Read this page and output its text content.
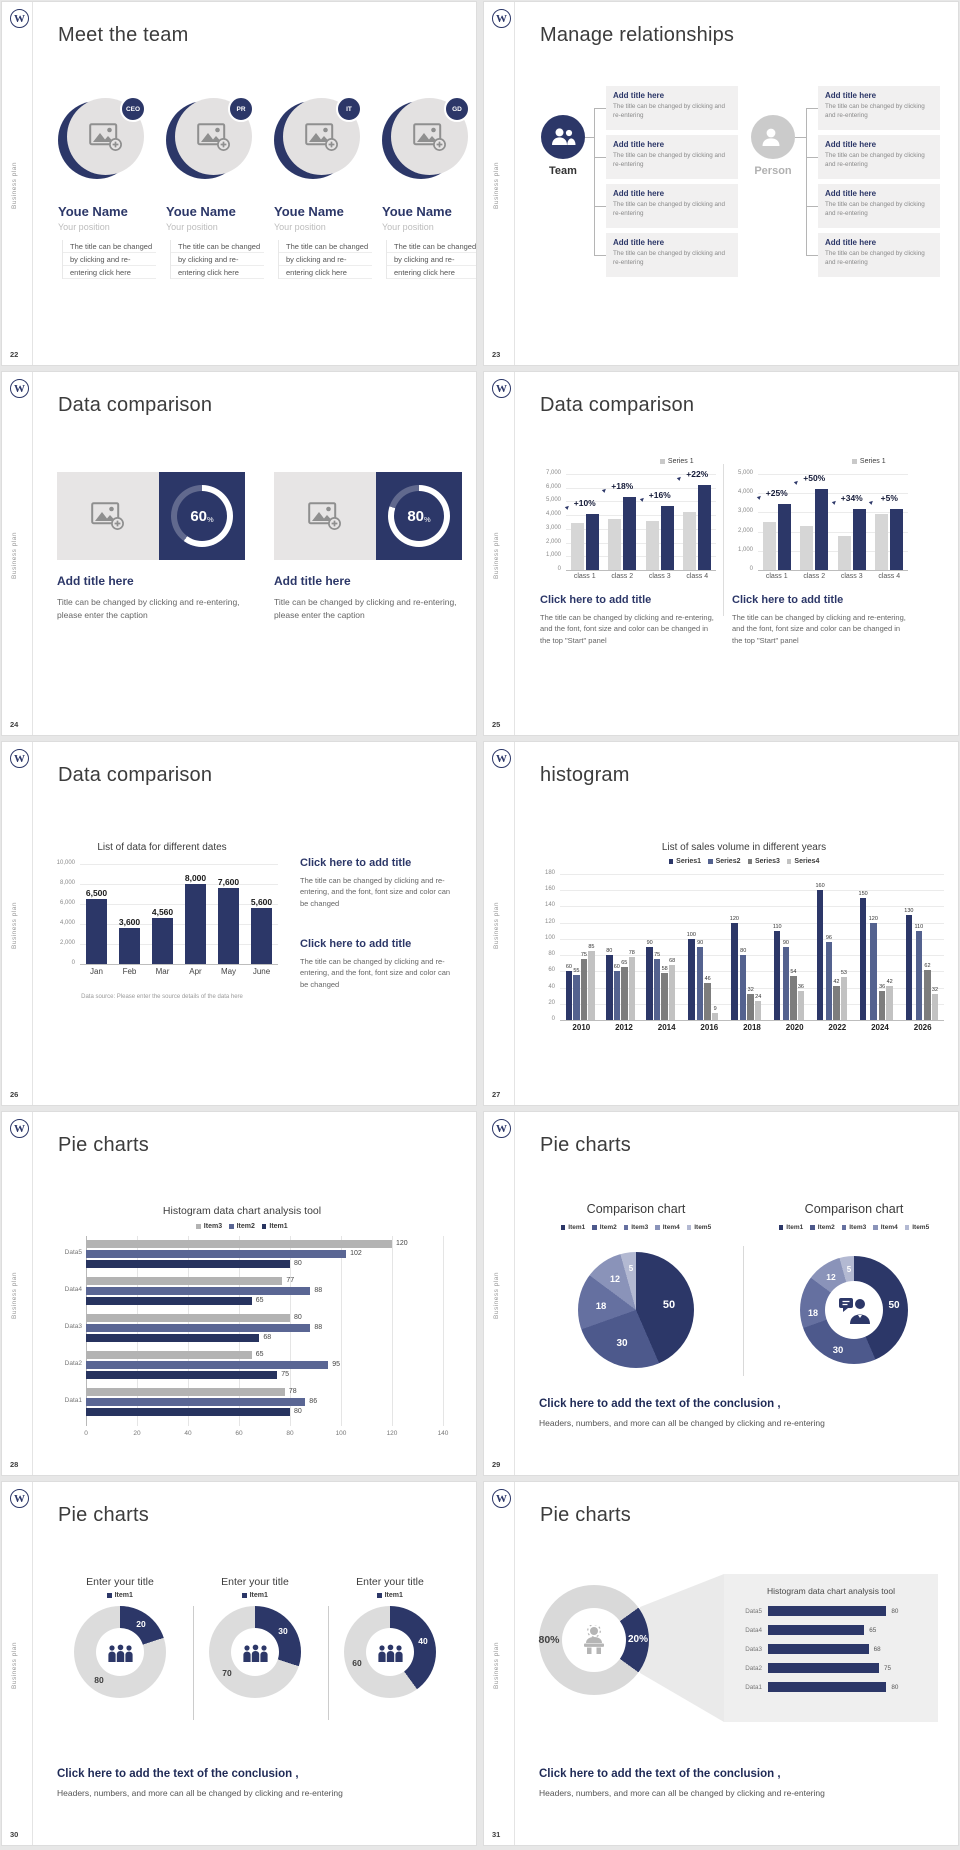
W
Business plan
22
Meet the team
CEO
Youe Name
Your position
The title can be changed by clicking and re-entering click here
PR
Youe Name
Your position
The title can be changed by clicking and re-entering click here
IT
Youe Name
Your position
The title can be changed by clicking and re-entering click here
GD
Youe Name
Your position
The title can be changed by clicking and re-entering click here
W
Business plan
23
Manage relationships
Team
Add title here
The title can be changed by clicking and re-entering
Add title here
The title can be changed by clicking and re-entering
Add title here
The title can be changed by clicking and re-entering
Add title here
The title can be changed by clicking and re-entering
Person
Add title here
The title can be changed by clicking and re-entering
Add title here
The title can be changed by clicking and re-entering
Add title here
The title can be changed by clicking and re-entering
Add title here
The title can be changed by clicking and re-entering
W
Business plan
24
Data comparison
60 %
Add title here
Title can be changed by clicking and re-entering, please enter the caption
80 %
Add title here
Title can be changed by clicking and re-entering, please enter the caption
W
Business plan
25
Data comparison
Series 1
7,000
6,000
5,000
4,000
3,000
2,000
1,000
0
class 1	class 2	class 3	class 4
+10%
▲
+18%
▲	+16%
▲
+22%
▲
Click here to add title
The title can be changed by clicking and re-entering, and the font, font size and color can be changed in the top "Start" panel
Series 1
5,000
4,000
3,000
2,000
1,000
0
class 1	class 2	class 3	class 4
+25%
▲
+50%
▲
+34%
▲	+5%
▲
Click here to add title
The title can be changed by clicking and re-entering, and the font, font size and color can be changed in the top "Start" panel
W
Business plan
26
Data comparison
List of data for different dates
Data source: Please enter the source details of the data here
10,000
8,000
6,000
4,000
2,000
0
6,500
3,600
4,560
8,000 7,600
5,600
Jan	Feb	Mar	Apr	May	June
Click here to add title
The title can be changed by clicking and re-entering, and the font, font size and color can be changed
Click here to add title
The title can be changed by clicking and re-entering, and the font, font size and color can be changed
W
Business plan
27
histogram
List of sales volume in different years
Series1 Series2 Series3 Series4
180
160
140
120
100
80
60
40
20
0
60
55
75
85
80
60
65
78
90
75
58
68
100
90
46
9
120
80
32
24
110
90
54
36
160
96
42
53
150
120
36
42
130
110
62
32
2010	2012	2014	2016	2018	2020	2022	2024	2026
W
Business plan
28
Pie charts
Histogram data chart analysis tool
Item3 Item2 Item1
0	20	40	60	80	100	120	140
Data5
120
102
80
Data4
77
88
65
Data3
80
88
68
Data2
65
95
75
Data1
78
86
80
W
Business plan
29
Pie charts
Comparison chart	Comparison chart
Click here to add the text of the conclusion ,
Headers, numbers, and more can all be changed by clicking and re-entering
Item1 Item2 Item3 Item4 Item5	Item1 Item2 Item3 Item4 Item5
50
30
18
12
5
50
30
18
12
5
W
Business plan
30
Pie charts
Click here to add the text of the conclusion ,
Headers, numbers, and more can all be changed by clicking and re-entering
Enter your title
Item1
20
80
Enter your title
Item1
30
70
Enter your title
Item1
40
60
W
Business plan
31
Pie charts
Click here to add the text of the conclusion ,
Headers, numbers, and more can all be changed by clicking and re-entering
80%	20%
Histogram data chart analysis tool
Data5	80
Data4	65
Data3	68
Data2	75
Data1	80
